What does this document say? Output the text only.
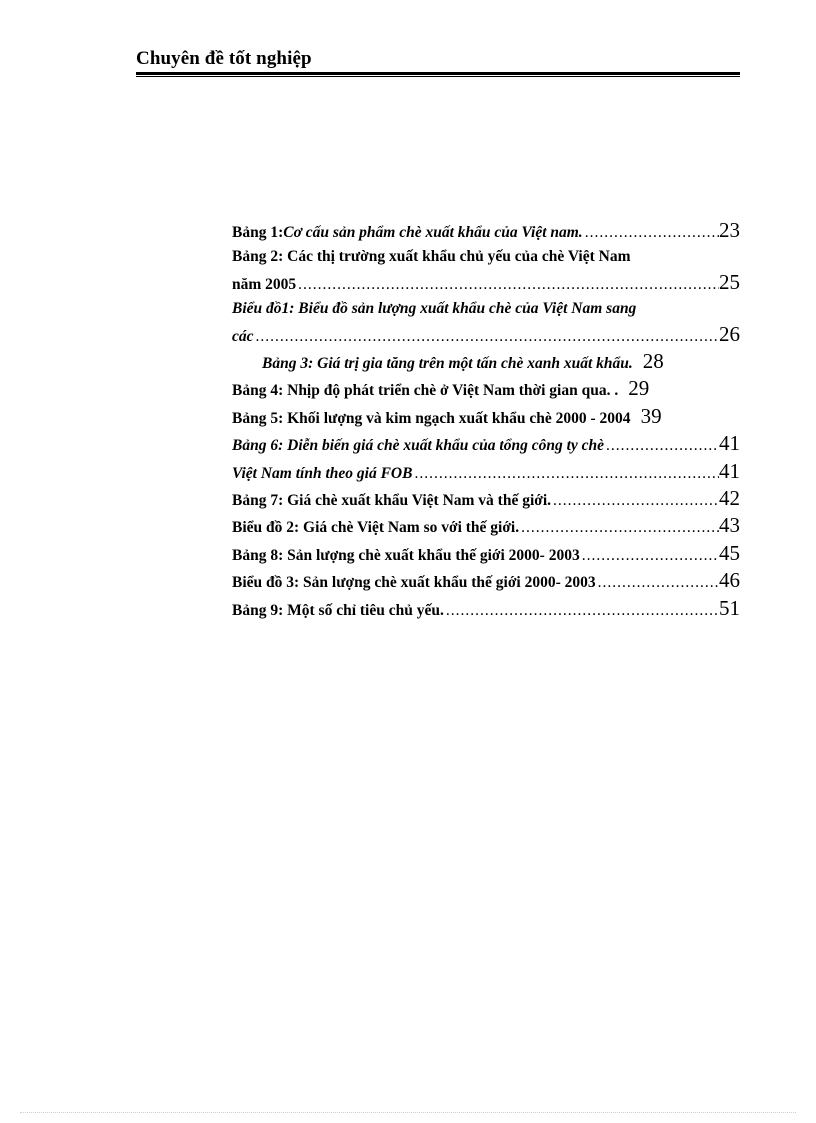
Chuyên đề tốt nghiệp
Bảng 1:Cơ cấu sản phẩm chè xuất khẩu của Việt nam. .....	23
Bảng 2: Các thị trường xuất khẩu chủ yếu của chè Việt Nam
năm 2005 .....	25
Biểu đồ1: Biểu đồ sản lượng xuất khẩu chè của Việt Nam sang
các .....	26
Bảng 3: Giá trị gia tăng trên một tấn chè xanh xuất khẩu. 28
Bảng 4: Nhịp độ phát triển chè ở Việt Nam thời gian qua. . 29
Bảng 5: Khối lượng và kim ngạch xuất khẩu chè 2000 - 2004 39
Bảng 6: Diễn biến giá chè xuất khẩu của tổng công ty chè .....	41
Việt Nam tính theo giá FOB .....	41
Bảng 7: Giá chè xuất khẩu Việt Nam và thế giới. .....	42
Biểu đồ 2: Giá chè Việt Nam so với thế giới. .....	43
Bảng 8: Sản lượng chè xuất khẩu thế giới 2000- 2003 .....	45
Biểu đồ 3: Sản lượng chè xuất khẩu thế giới 2000- 2003 .....	46
Bảng 9: Một số chỉ tiêu chủ yếu. .....	51
